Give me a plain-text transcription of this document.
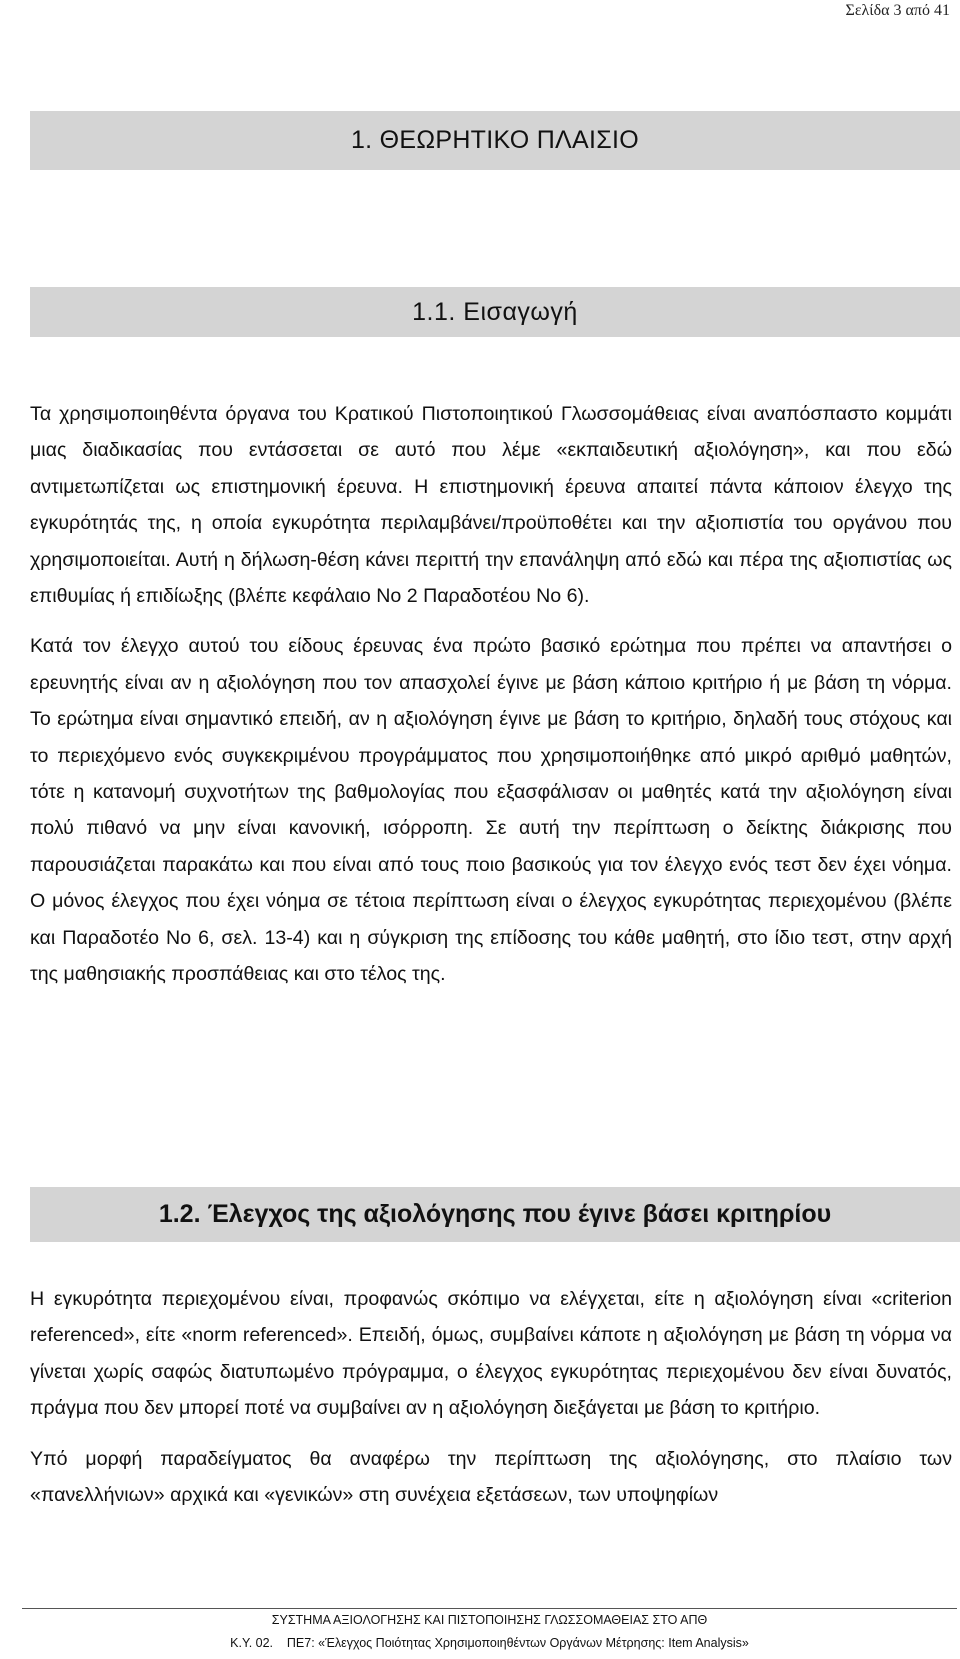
Σελίδα 3 από 41
1. ΘΕΩΡΗΤΙΚΟ ΠΛΑΙΣΙΟ
1.1. Εισαγωγή

Τα χρησιμοποιηθέντα όργανα του Κρατικού Πιστοποιητικού Γλωσσομάθειας είναι αναπόσπαστο κομμάτι μιας διαδικασίας που εντάσσεται σε αυτό που λέμε «εκπαιδευτική αξιολόγηση», και που εδώ αντιμετωπίζεται ως επιστημονική έρευνα. Η επιστημονική έρευνα απαιτεί πάντα κάποιον έλεγχο της εγκυρότητάς της, η οποία εγκυρότητα περιλαμβάνει/προϋποθέτει και την αξιοπιστία του οργάνου που χρησιμοποιείται. Αυτή η δήλωση-θέση κάνει περιττή την επανάληψη από εδώ και πέρα της αξιοπιστίας ως επιθυμίας ή επιδίωξης (βλέπε κεφάλαιο Νο 2 Παραδοτέου Νο 6).

Κατά τον έλεγχο αυτού του είδους έρευνας ένα πρώτο βασικό ερώτημα που πρέπει να απαντήσει ο ερευνητής είναι αν η αξιολόγηση που τον απασχολεί έγινε με βάση κάποιο κριτήριο ή με βάση τη νόρμα. Το ερώτημα είναι σημαντικό επειδή, αν η αξιολόγηση έγινε με βάση το κριτήριο, δηλαδή τους στόχους και το περιεχόμενο ενός συγκεκριμένου προγράμματος που χρησιμοποιήθηκε από μικρό αριθμό μαθητών, τότε η κατανομή συχνοτήτων της βαθμολογίας που εξασφάλισαν οι μαθητές κατά την αξιολόγηση είναι πολύ πιθανό να μην είναι κανονική, ισόρροπη. Σε αυτή την περίπτωση ο δείκτης διάκρισης που παρουσιάζεται παρακάτω και που είναι από τους ποιο βασικούς για τον έλεγχο ενός τεστ δεν έχει νόημα. Ο μόνος έλεγχος που έχει νόημα σε τέτοια περίπτωση είναι ο έλεγχος εγκυρότητας περιεχομένου (βλέπε και Παραδοτέο Νο 6, σελ. 13-4) και η σύγκριση της επίδοσης του κάθε μαθητή, στο ίδιο τεστ, στην αρχή της μαθησιακής προσπάθειας και στο τέλος της.

1.2. Έλεγχος της αξιολόγησης που έγινε βάσει κριτηρίου

Η εγκυρότητα περιεχομένου είναι, προφανώς σκόπιμο να ελέγχεται, είτε η αξιολόγηση είναι «criterion referenced», είτε «norm referenced». Επειδή, όμως, συμβαίνει κάποτε η αξιολόγηση με βάση τη νόρμα να γίνεται χωρίς σαφώς διατυπωμένο πρόγραμμα, ο έλεγχος εγκυρότητας περιεχομένου δεν είναι δυνατός, πράγμα που δεν μπορεί ποτέ να συμβαίνει αν η αξιολόγηση διεξάγεται με βάση το κριτήριο.

Υπό μορφή παραδείγματος θα αναφέρω την περίπτωση της αξιολόγησης, στο πλαίσιο των «πανελλήνιων» αρχικά και «γενικών» στη συνέχεια εξετάσεων, των υποψηφίων

ΣΥΣΤΗΜΑ ΑΞΙΟΛΟΓΗΣΗΣ ΚΑΙ ΠΙΣΤΟΠΟΙΗΣΗΣ ΓΛΩΣΣΟΜΑΘΕΙΑΣ ΣΤΟ ΑΠΘ
Κ.Υ. 02.    ΠΕ7: «Έλεγχος Ποιότητας Χρησιμοποιηθέντων Οργάνων Μέτρησης: Item Analysis»
